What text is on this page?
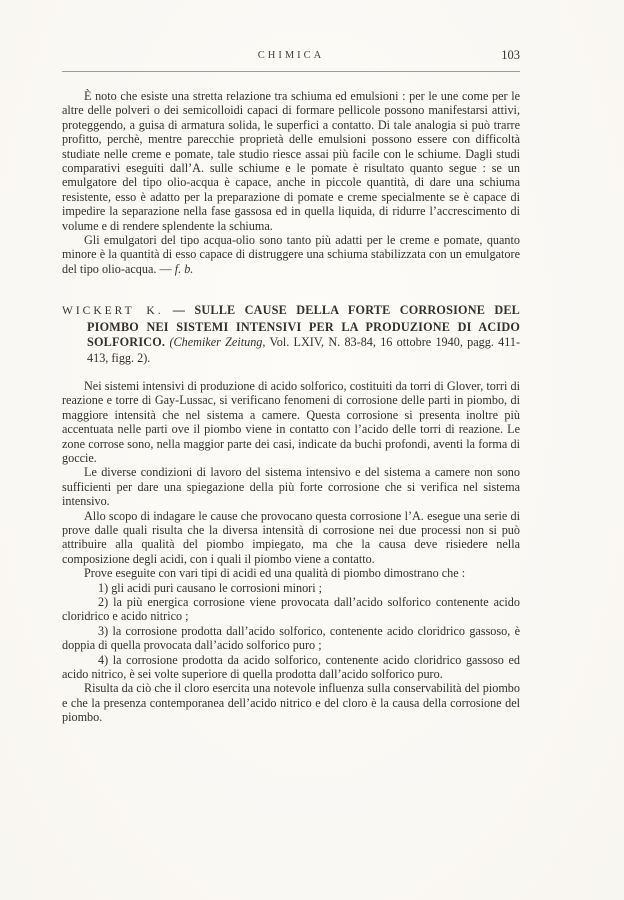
CHIMICA	103

È noto che esiste una stretta relazione tra schiuma ed emulsioni : per le une come per le altre delle polveri o dei semicolloidi capaci di formare pellicole possono manifestarsi attivi, proteggendo, a guisa di armatura solida, le superfici a contatto. Di tale analogia si può trarre profitto, perchè, mentre parecchie proprietà delle emulsioni possono essere con difficoltà studiate nelle creme e pomate, tale studio riesce assai più facile con le schiume. Dagli studi comparativi eseguiti dall’A. sulle schiume e le pomate è risultato quanto segue : se un emulgatore del tipo olio-acqua è capace, anche in piccole quantità, di dare una schiuma resistente, esso è adatto per la preparazione di pomate e creme specialmente se è capace di impedire la separazione nella fase gassosa ed in quella liquida, di ridurre l’accrescimento di volume e di rendere splendente la schiuma.

Gli emulgatori del tipo acqua-olio sono tanto più adatti per le creme e pomate, quanto minore è la quantità di esso capace di distruggere una schiuma stabilizzata con un emulgatore del tipo olio-acqua. — f. b.

WICKERT K. — SULLE CAUSE DELLA FORTE CORROSIONE DEL PIOMBO NEI SISTEMI INTENSIVI PER LA PRODUZIONE DI ACIDO SOLFORICO. (Chemiker Zeitung, Vol. LXIV, N. 83-84, 16 ottobre 1940, pagg. 411-413, figg. 2).

Nei sistemi intensivi di produzione di acido solforico, costituiti da torri di Glover, torri di reazione e torre di Gay-Lussac, si verificano fenomeni di corrosione delle parti in piombo, di maggiore intensità che nel sistema a camere. Questa corrosione si presenta inoltre più accentuata nelle parti ove il piombo viene in contatto con l’acido delle torri di reazione. Le zone corrose sono, nella maggior parte dei casi, indicate da buchi profondi, aventi la forma di goccie.

Le diverse condizioni di lavoro del sistema intensivo e del sistema a camere non sono sufficienti per dare una spiegazione della più forte corrosione che si verifica nel sistema intensivo.

Allo scopo di indagare le cause che provocano questa corrosione l’A. esegue una serie di prove dalle quali risulta che la diversa intensità di corrosione nei due processi non si può attribuire alla qualità del piombo impiegato, ma che la causa deve risiedere nella composizione degli acidi, con i quali il piombo viene a contatto.

Prove eseguite con vari tipi di acidi ed una qualità di piombo dimostrano che :

1) gli acidi puri causano le corrosioni minori ;

2) la più energica corrosione viene provocata dall’acido solforico contenente acido cloridrico e acido nitrico ;

3) la corrosione prodotta dall’acido solforico, contenente acido cloridrico gassoso, è doppia di quella provocata dall’acido solforico puro ;

4) la corrosione prodotta da acido solforico, contenente acido cloridrico gassoso ed acido nitrico, è sei volte superiore di quella prodotta dall’acido solforico puro.

Risulta da ciò che il cloro esercita una notevole influenza sulla conservabilità del piombo e che la presenza contemporanea dell’acido nitrico e del cloro è la causa della corrosione del piombo.
